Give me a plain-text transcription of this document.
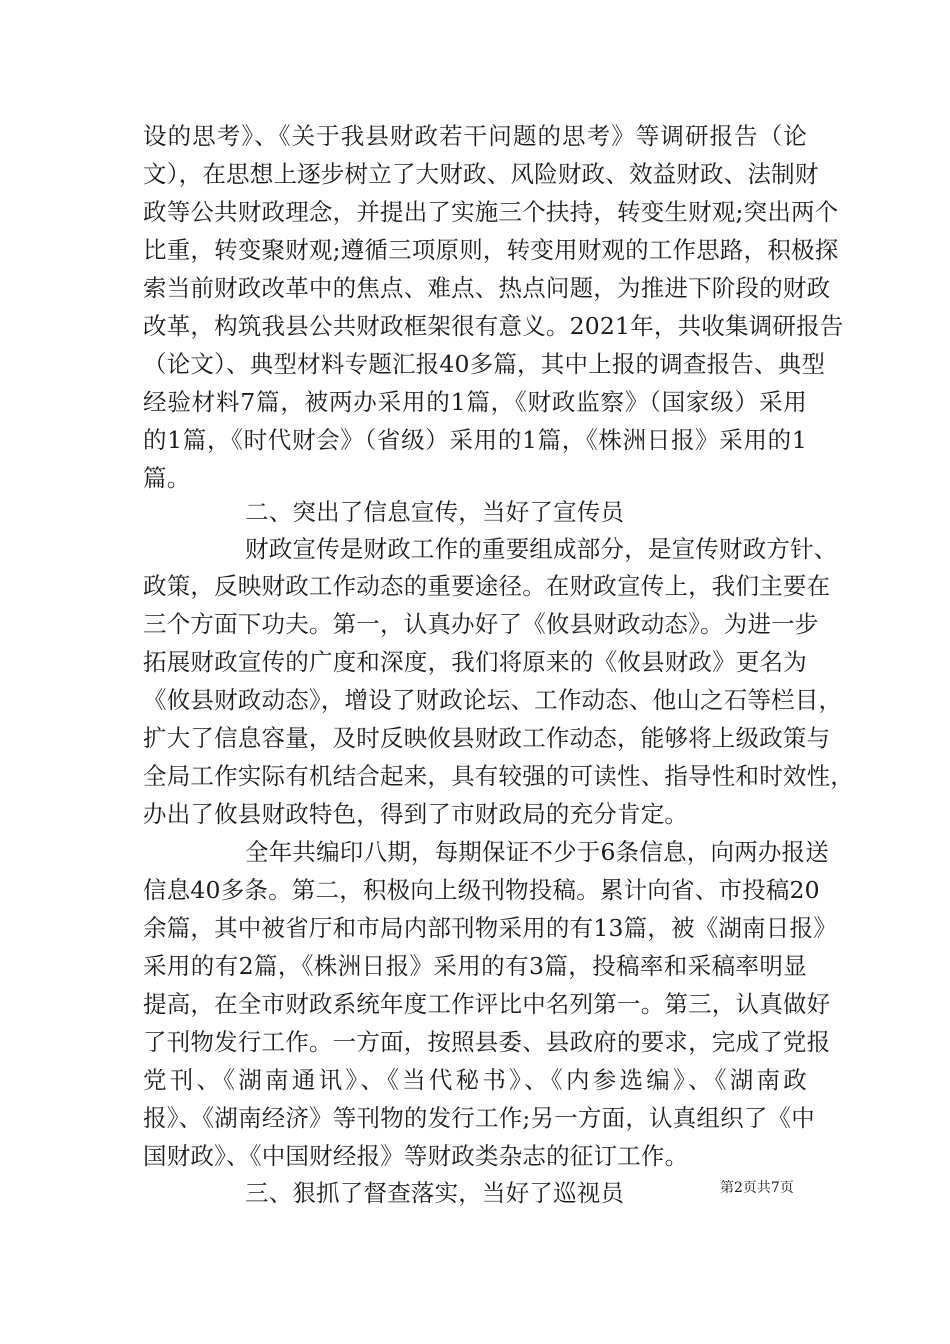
设的思考》、《关于我县财政若干问题的思考》等调研报告（论
文），在思想上逐步树立了大财政、风险财政、效益财政、法制财
政等公共财政理念，并提出了实施三个扶持，转变生财观;突出两个
比重，转变聚财观;遵循三项原则，转变用财观的工作思路，积极探
索当前财政改革中的焦点、难点、热点问题，为推进下阶段的财政
改革，构筑我县公共财政框架很有意义。2021年，共收集调研报告
（论文）、典型材料专题汇报40多篇，其中上报的调查报告、典型
经验材料7篇，被两办采用的1篇，《财政监察》（国家级）采用
的1篇，《时代财会》（省级）采用的1篇，《株洲日报》采用的1
篇。
二、突出了信息宣传，当好了宣传员
财政宣传是财政工作的重要组成部分，是宣传财政方针、
政策，反映财政工作动态的重要途径。在财政宣传上，我们主要在
三个方面下功夫。第一，认真办好了《攸县财政动态》。为进一步
拓展财政宣传的广度和深度，我们将原来的《攸县财政》更名为
《攸县财政动态》，增设了财政论坛、工作动态、他山之石等栏目，
扩大了信息容量，及时反映攸县财政工作动态，能够将上级政策与
全局工作实际有机结合起来，具有较强的可读性、指导性和时效性，
办出了攸县财政特色，得到了市财政局的充分肯定。
全年共编印八期，每期保证不少于6条信息，向两办报送
信息40多条。第二，积极向上级刊物投稿。累计向省、市投稿20
余篇，其中被省厅和市局内部刊物采用的有13篇，被《湖南日报》
采用的有2篇，《株洲日报》采用的有3篇，投稿率和采稿率明显
提高，在全市财政系统年度工作评比中名列第一。第三，认真做好
了刊物发行工作。一方面，按照县委、县政府的要求，完成了党报
党刊、《湖南通讯》、《当代秘书》、《内参选编》、《湖南政
报》、《湖南经济》等刊物的发行工作;另一方面，认真组织了《中
国财政》、《中国财经报》等财政类杂志的征订工作。
三、狠抓了督查落实，当好了巡视员	第2页共7页
